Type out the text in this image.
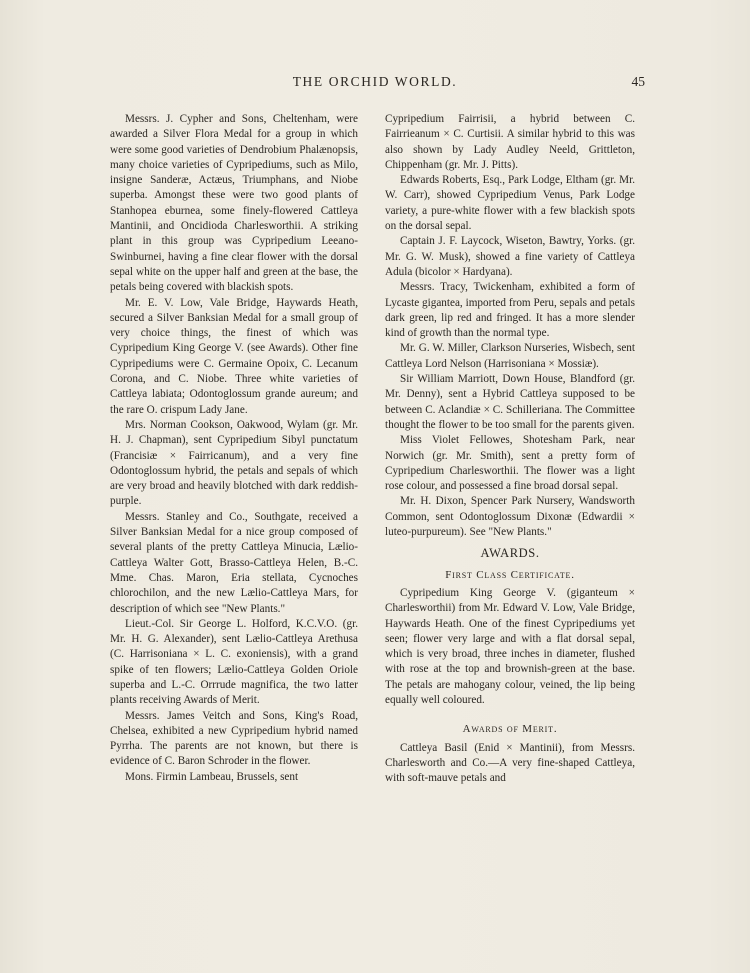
THE ORCHID WORLD.	45

Messrs. J. Cypher and Sons, Cheltenham, were awarded a Silver Flora Medal for a group in which were some good varieties of Dendrobium Phalænopsis, many choice varieties of Cypripediums, such as Milo, insigne Sanderæ, Actæus, Triumphans, and Niobe superba. Amongst these were two good plants of Stanhopea eburnea, some finely-flowered Cattleya Mantinii, and Oncidioda Charlesworthii. A striking plant in this group was Cypripedium Leeano-Swinburnei, having a fine clear flower with the dorsal sepal white on the upper half and green at the base, the petals being covered with blackish spots.

Mr. E. V. Low, Vale Bridge, Haywards Heath, secured a Silver Banksian Medal for a small group of very choice things, the finest of which was Cypripedium King George V. (see Awards). Other fine Cypripediums were C. Germaine Opoix, C. Lecanum Corona, and C. Niobe. Three white varieties of Cattleya labiata; Odontoglossum grande aureum; and the rare O. crispum Lady Jane.

Mrs. Norman Cookson, Oakwood, Wylam (gr. Mr. H. J. Chapman), sent Cypripedium Sibyl punctatum (Francisiæ × Fairricanum), and a very fine Odontoglossum hybrid, the petals and sepals of which are very broad and heavily blotched with dark reddish-purple.

Messrs. Stanley and Co., Southgate, received a Silver Banksian Medal for a nice group composed of several plants of the pretty Cattleya Minucia, Lælio-Cattleya Walter Gott, Brasso-Cattleya Helen, B.-C. Mme. Chas. Maron, Eria stellata, Cycnoches chlorochilon, and the new Lælio-Cattleya Mars, for description of which see "New Plants."

Lieut.-Col. Sir George L. Holford, K.C.V.O. (gr. Mr. H. G. Alexander), sent Lælio-Cattleya Arethusa (C. Harrisoniana × L. C. exoniensis), with a grand spike of ten flowers; Lælio-Cattleya Golden Oriole superba and L.-C. Orrrude magnifica, the two latter plants receiving Awards of Merit.

Messrs. James Veitch and Sons, King's Road, Chelsea, exhibited a new Cypripedium hybrid named Pyrrha. The parents are not known, but there is evidence of C. Baron Schroder in the flower.

Mons. Firmin Lambeau, Brussels, sent

Cypripedium Fairrisii, a hybrid between C. Fairrieanum × C. Curtisii. A similar hybrid to this was also shown by Lady Audley Neeld, Grittleton, Chippenham (gr. Mr. J. Pitts).

Edwards Roberts, Esq., Park Lodge, Eltham (gr. Mr. W. Carr), showed Cypripedium Venus, Park Lodge variety, a pure-white flower with a few blackish spots on the dorsal sepal.

Captain J. F. Laycock, Wiseton, Bawtry, Yorks. (gr. Mr. G. W. Musk), showed a fine variety of Cattleya Adula (bicolor × Hardyana).

Messrs. Tracy, Twickenham, exhibited a form of Lycaste gigantea, imported from Peru, sepals and petals dark green, lip red and fringed. It has a more slender kind of growth than the normal type.

Mr. G. W. Miller, Clarkson Nurseries, Wisbech, sent Cattleya Lord Nelson (Harrisoniana × Mossiæ).

Sir William Marriott, Down House, Blandford (gr. Mr. Denny), sent a Hybrid Cattleya supposed to be between C. Aclandiæ × C. Schilleriana. The Committee thought the flower to be too small for the parents given.

Miss Violet Fellowes, Shotesham Park, near Norwich (gr. Mr. Smith), sent a pretty form of Cypripedium Charlesworthii. The flower was a light rose colour, and possessed a fine broad dorsal sepal.

Mr. H. Dixon, Spencer Park Nursery, Wandsworth Common, sent Odontoglossum Dixonæ (Edwardii × luteo-purpureum). See "New Plants."

AWARDS.
First Class Certificate.

Cypripedium King George V. (giganteum × Charlesworthii) from Mr. Edward V. Low, Vale Bridge, Haywards Heath. One of the finest Cypripediums yet seen; flower very large and with a flat dorsal sepal, which is very broad, three inches in diameter, flushed with rose at the top and brownish-green at the base. The petals are mahogany colour, veined, the lip being equally well coloured.

Awards of Merit.

Cattleya Basil (Enid × Mantinii), from Messrs. Charlesworth and Co.—A very fine-shaped Cattleya, with soft-mauve petals and
